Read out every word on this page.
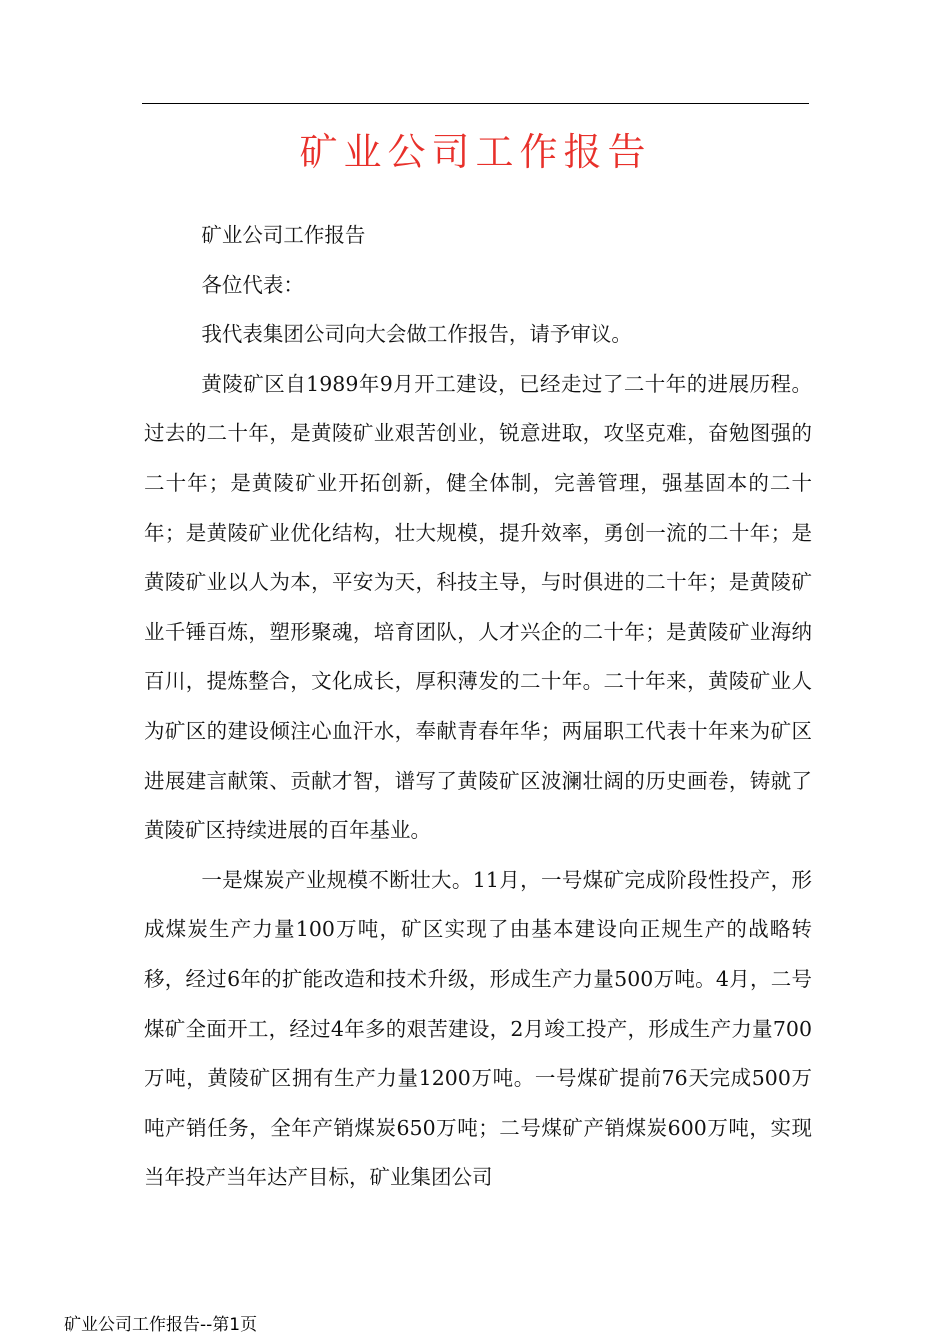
矿业公司工作报告

矿业公司工作报告

各位代表：

我代表集团公司向大会做工作报告，请予审议。

黄陵矿区自1989年9月开工建设，已经走过了二十年的进展历程。过去的二十年，是黄陵矿业艰苦创业，锐意进取，攻坚克难，奋勉图强的二十年；是黄陵矿业开拓创新，健全体制，完善管理，强基固本的二十年；是黄陵矿业优化结构，壮大规模，提升效率，勇创一流的二十年；是黄陵矿业以人为本，平安为天，科技主导，与时俱进的二十年；是黄陵矿业千锤百炼，塑形聚魂，培育团队，人才兴企的二十年；是黄陵矿业海纳百川，提炼整合，文化成长，厚积薄发的二十年。二十年来，黄陵矿业人为矿区的建设倾注心血汗水，奉献青春年华；两届职工代表十年来为矿区进展建言献策、贡献才智，谱写了黄陵矿区波澜壮阔的历史画卷，铸就了黄陵矿区持续进展的百年基业。

一是煤炭产业规模不断壮大。11月，一号煤矿完成阶段性投产，形成煤炭生产力量100万吨，矿区实现了由基本建设向正规生产的战略转移，经过6年的扩能改造和技术升级，形成生产力量500万吨。4月，二号煤矿全面开工，经过4年多的艰苦建设，2月竣工投产，形成生产力量700万吨，黄陵矿区拥有生产力量1200万吨。一号煤矿提前76天完成500万吨产销任务，全年产销煤炭650万吨；二号煤矿产销煤炭600万吨，实现当年投产当年达产目标，矿业集团公司

矿业公司工作报告--第1页
